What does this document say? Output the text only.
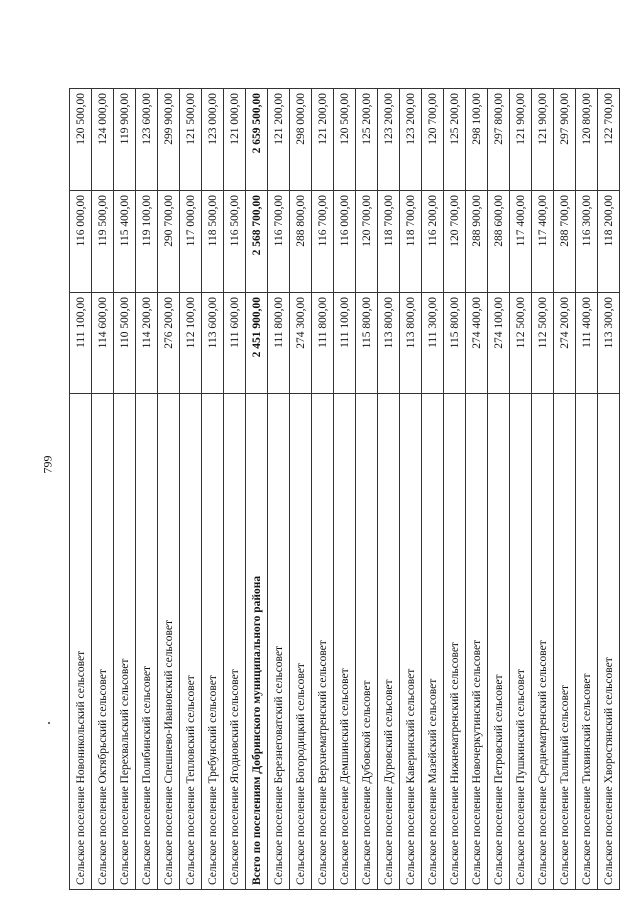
799
Сельское поселение Новоникольский сельсовет	111 100,00	116 000,00	120 500,00
Сельское поселение Октябрьский сельсовет	114 600,00	119 500,00	124 000,00
Сельское поселение Перехвальский сельсовет	110 500,00	115 400,00	119 900,00
Сельское поселение Полибинский сельсовет	114 200,00	119 100,00	123 600,00
Сельское поселение Спешнево-Ивановский сельсовет	276 200,00	290 700,00	299 900,00
Сельское поселение Тепловский сельсовет	112 100,00	117 000,00	121 500,00
Сельское поселение Требунский сельсовет	113 600,00	118 500,00	123 000,00
Сельское поселение Ягодновский сельсовет	111 600,00	116 500,00	121 000,00
Всего по поселениям Добринского муниципального района	2 451 900,00	2 568 700,00	2 659 500,00
Сельское поселение Березнеговатский сельсовет	111 800,00	116 700,00	121 200,00
Сельское поселение Богородицкий сельсовет	274 300,00	288 800,00	298 000,00
Сельское поселение Верхнематренский сельсовет	111 800,00	116 700,00	121 200,00
Сельское поселение Демшинский сельсовет	111 100,00	116 000,00	120 500,00
Сельское поселение Дубовской сельсовет	115 800,00	120 700,00	125 200,00
Сельское поселение Дуровский сельсовет	113 800,00	118 700,00	123 200,00
Сельское поселение Каверинский сельсовет	113 800,00	118 700,00	123 200,00
Сельское поселение Мазейский сельсовет	111 300,00	116 200,00	120 700,00
Сельское поселение Нижнематренский сельсовет	115 800,00	120 700,00	125 200,00
Сельское поселение Новочеркутинский сельсовет	274 400,00	288 900,00	298 100,00
Сельское поселение Петровский сельсовет	274 100,00	288 600,00	297 800,00
Сельское поселение Пушкинский сельсовет	112 500,00	117 400,00	121 900,00
Сельское поселение Среднематренский сельсовет	112 500,00	117 400,00	121 900,00
Сельское поселение Талицкий сельсовет	274 200,00	288 700,00	297 900,00
Сельское поселение Тихвинский сельсовет	111 400,00	116 300,00	120 800,00
Сельское поселение Хворостянский сельсовет	113 300,00	118 200,00	122 700,00
